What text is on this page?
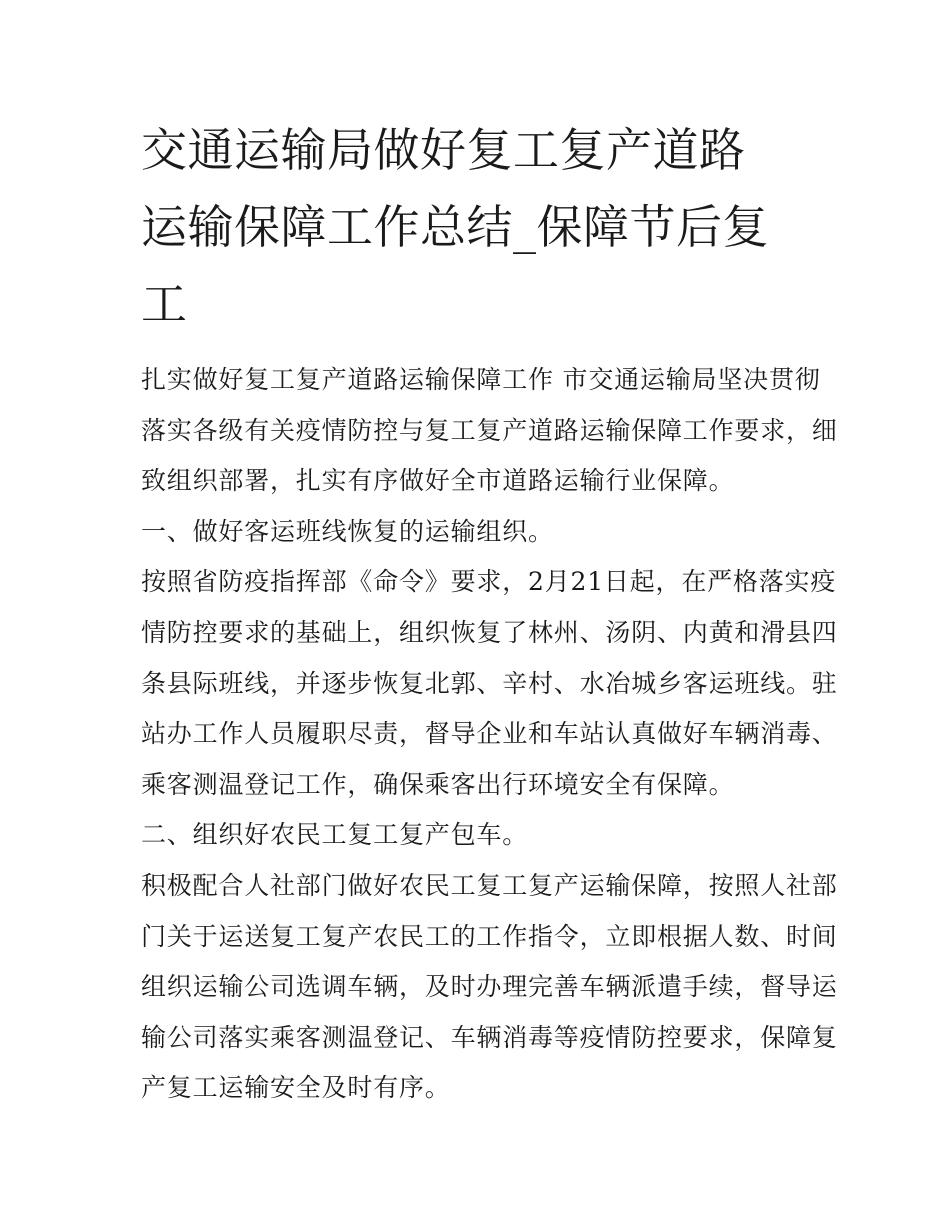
交通运输局做好复工复产道路
运输保障工作总结_保障节后复
工
扎实做好复工复产道路运输保障工作 市交通运输局坚决贯彻
落实各级有关疫情防控与复工复产道路运输保障工作要求，细
致组织部署，扎实有序做好全市道路运输行业保障。
一、做好客运班线恢复的运输组织。
按照省防疫指挥部《命令》要求，2月21日起，在严格落实疫
情防控要求的基础上，组织恢复了林州、汤阴、内黄和滑县四
条县际班线，并逐步恢复北郭、辛村、水冶城乡客运班线。驻
站办工作人员履职尽责，督导企业和车站认真做好车辆消毒、
乘客测温登记工作，确保乘客出行环境安全有保障。
二、组织好农民工复工复产包车。
积极配合人社部门做好农民工复工复产运输保障，按照人社部
门关于运送复工复产农民工的工作指令，立即根据人数、时间
组织运输公司选调车辆，及时办理完善车辆派遣手续，督导运
输公司落实乘客测温登记、车辆消毒等疫情防控要求，保障复
产复工运输安全及时有序。
